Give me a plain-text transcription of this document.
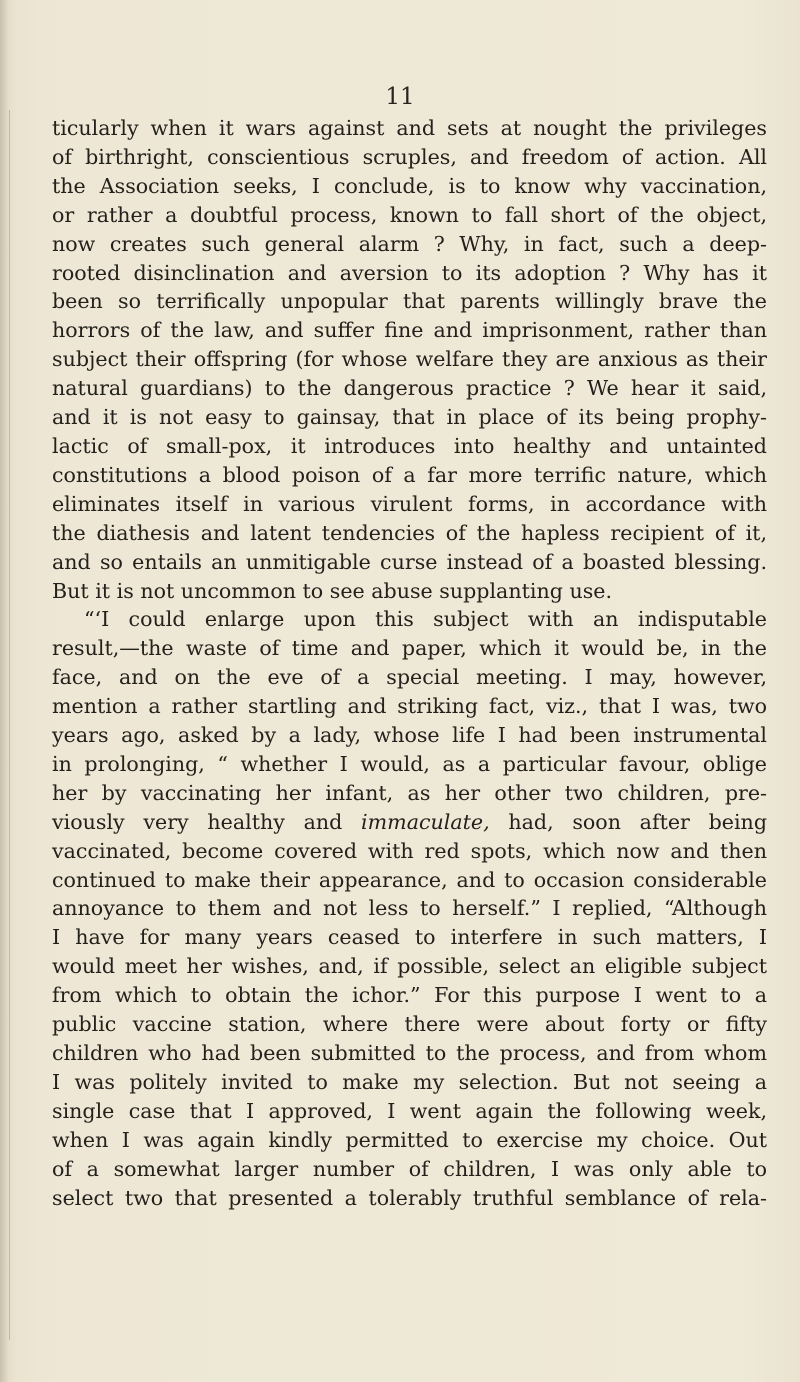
11

ticularly when it wars against and sets at nought the privileges
of birthright, conscientious scruples, and freedom of action. All
the Association seeks, I conclude, is to know why vaccination,
or rather a doubtful process, known to fall short of the object,
now creates such general alarm ? Why, in fact, such a deep-
rooted disinclination and aversion to its adoption ? Why has it
been so terrifically unpopular that parents willingly brave the
horrors of the law, and suffer fine and imprisonment, rather than
subject their offspring (for whose welfare they are anxious as their
natural guardians) to the dangerous practice ? We hear it said,
and it is not easy to gainsay, that in place of its being prophy-
lactic of small-pox, it introduces into healthy and untainted
constitutions a blood poison of a far more terrific nature, which
eliminates itself in various virulent forms, in accordance with
the diathesis and latent tendencies of the hapless recipient of it,
and so entails an unmitigable curse instead of a boasted blessing.
But it is not uncommon to see abuse supplanting use.
“‘I could enlarge upon this subject with an indisputable
result,—the waste of time and paper, which it would be, in the
face, and on the eve of a special meeting. I may, however,
mention a rather startling and striking fact, viz., that I was, two
years ago, asked by a lady, whose life I had been instrumental
in prolonging, “ whether I would, as a particular favour, oblige
her by vaccinating her infant, as her other two children, pre-
viously very healthy and immaculate, had, soon after being
vaccinated, become covered with red spots, which now and then
continued to make their appearance, and to occasion considerable
annoyance to them and not less to herself.” I replied, “Although
I have for many years ceased to interfere in such matters, I
would meet her wishes, and, if possible, select an eligible subject
from which to obtain the ichor.” For this purpose I went to a
public vaccine station, where there were about forty or fifty
children who had been submitted to the process, and from whom
I was politely invited to make my selection. But not seeing a
single case that I approved, I went again the following week,
when I was again kindly permitted to exercise my choice. Out
of a somewhat larger number of children, I was only able to
select two that presented a tolerably truthful semblance of rela-
